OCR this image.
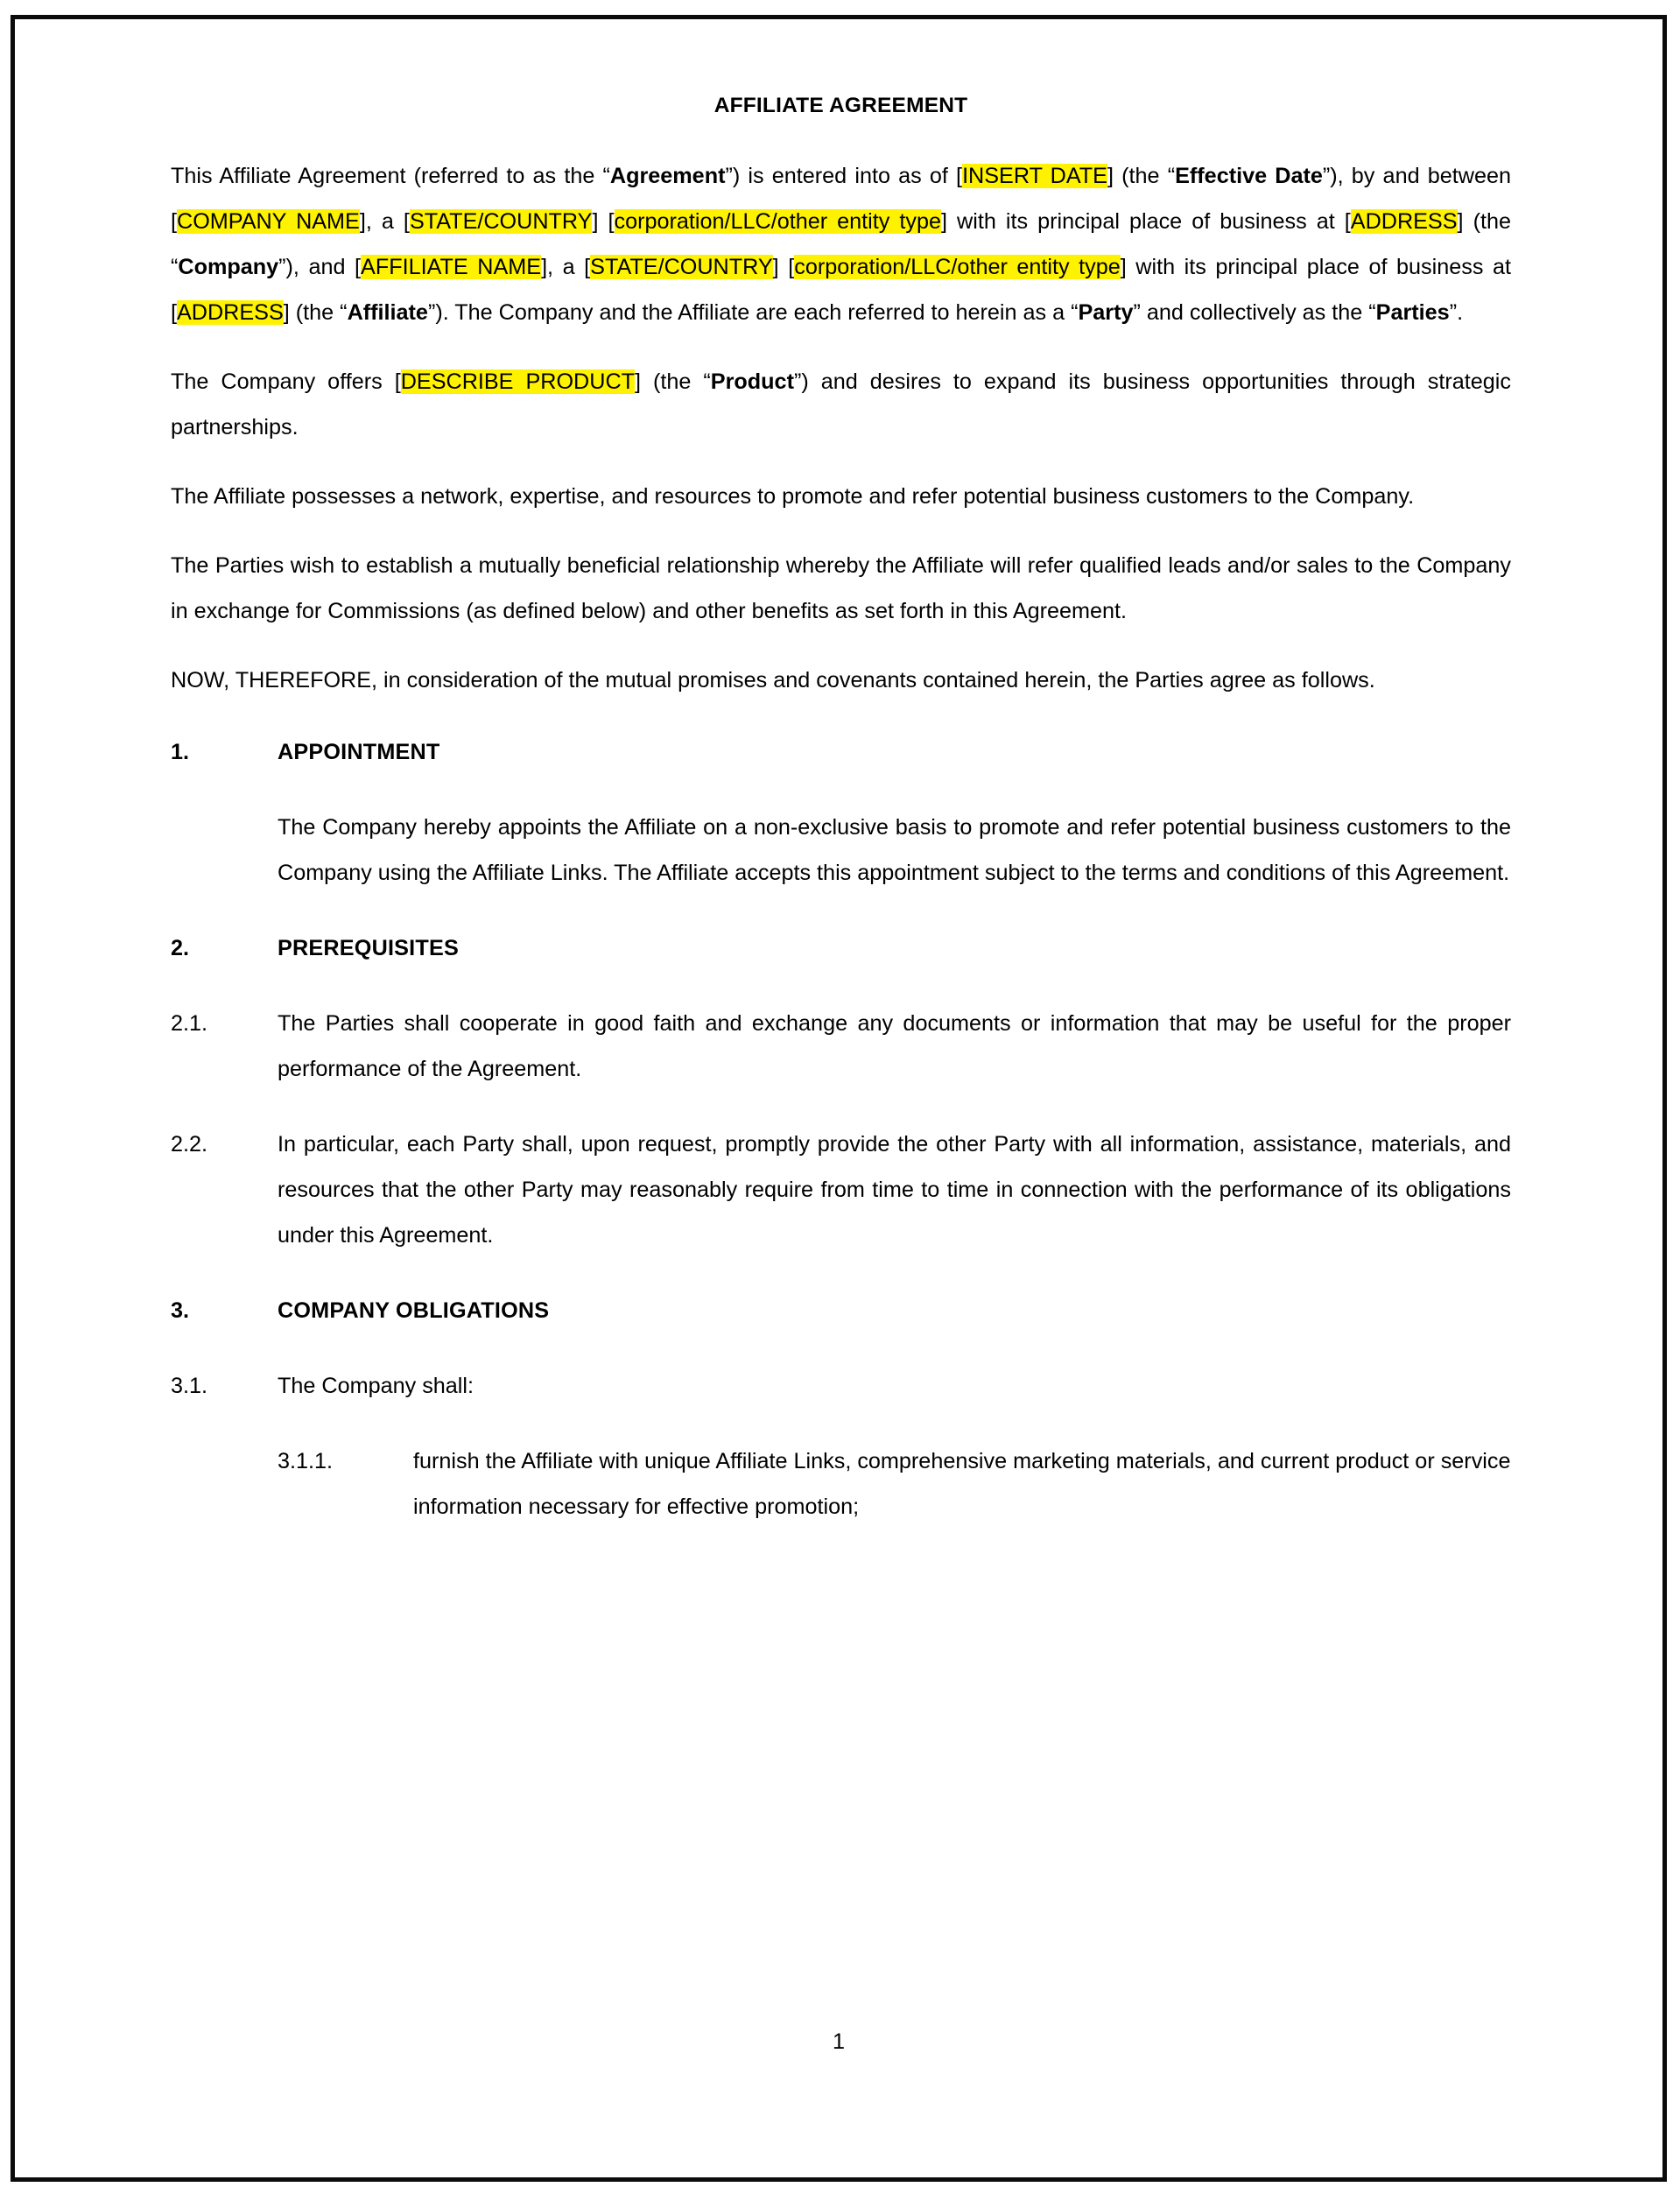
AFFILIATE AGREEMENT

This Affiliate Agreement (referred to as the “Agreement”) is entered into as of [INSERT DATE] (the “Effective Date”), by and between [COMPANY NAME], a [STATE/COUNTRY] [corporation/LLC/other entity type] with its principal place of business at [ADDRESS] (the “Company”), and [AFFILIATE NAME], a [STATE/COUNTRY] [corporation/LLC/other entity type] with its principal place of business at [ADDRESS] (the “Affiliate”). The Company and the Affiliate are each referred to herein as a “Party” and collectively as the “Parties”.

The Company offers [DESCRIBE PRODUCT] (the “Product”) and desires to expand its business opportunities through strategic partnerships.

The Affiliate possesses a network, expertise, and resources to promote and refer potential business customers to the Company.

The Parties wish to establish a mutually beneficial relationship whereby the Affiliate will refer qualified leads and/or sales to the Company in exchange for Commissions (as defined below) and other benefits as set forth in this Agreement.

NOW, THEREFORE, in consideration of the mutual promises and covenants contained herein, the Parties agree as follows.

1.	APPOINTMENT
The Company hereby appoints the Affiliate on a non-exclusive basis to promote and refer potential business customers to the Company using the Affiliate Links. The Affiliate accepts this appointment subject to the terms and conditions of this Agreement.
2.	PREREQUISITES
2.1.	The Parties shall cooperate in good faith and exchange any documents or information that may be useful for the proper performance of the Agreement.
2.2.	In particular, each Party shall, upon request, promptly provide the other Party with all information, assistance, materials, and resources that the other Party may reasonably require from time to time in connection with the performance of its obligations under this Agreement.
3.	COMPANY OBLIGATIONS
3.1.	The Company shall:
3.1.1.	furnish the Affiliate with unique Affiliate Links, comprehensive marketing materials, and current product or service information necessary for effective promotion;
1
